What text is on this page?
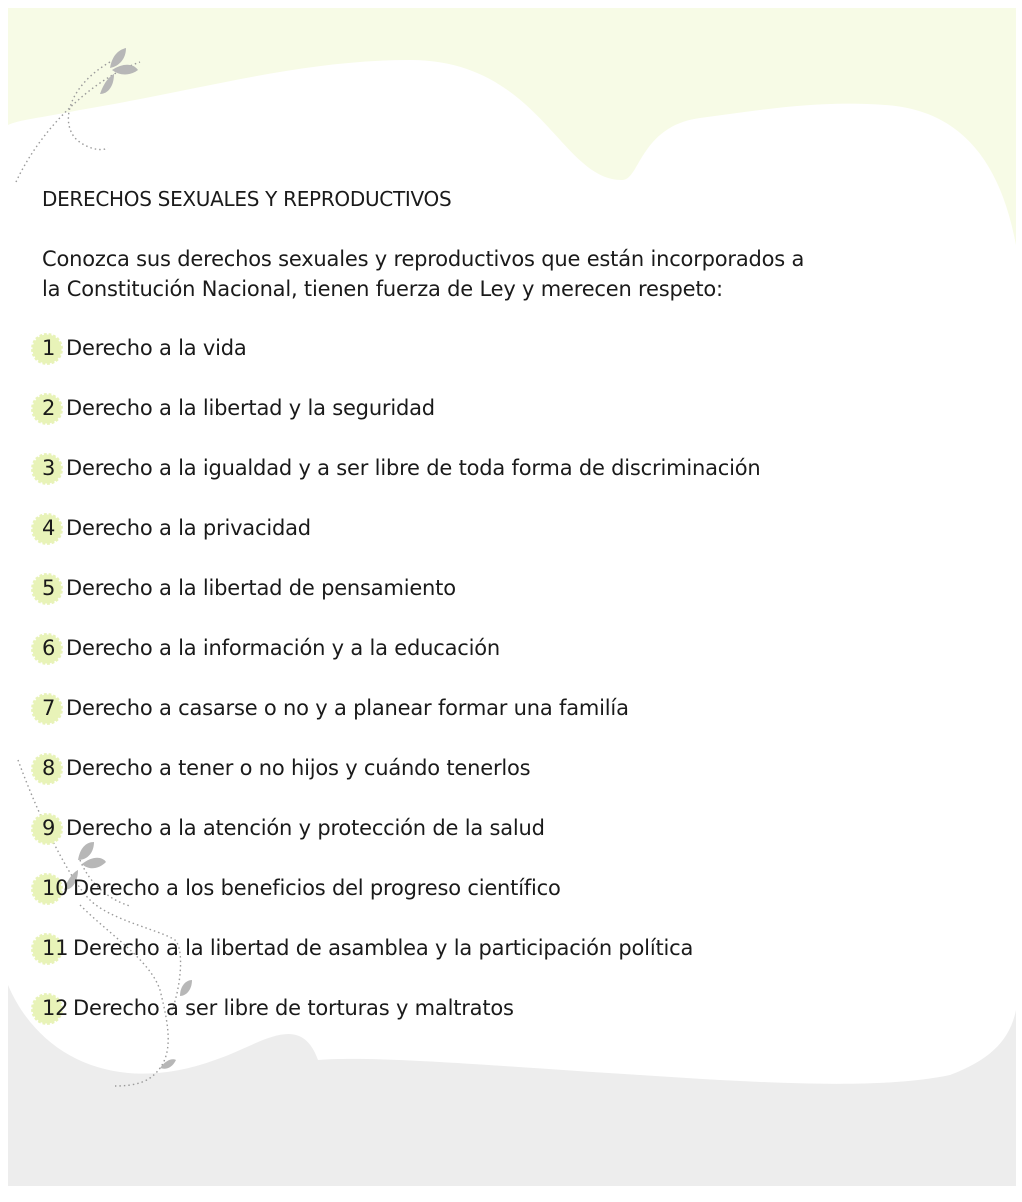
DERECHOS SEXUALES Y REPRODUCTIVOS
Conozca sus derechos sexuales y reproductivos que están incorporados a
la Constitución Nacional, tienen fuerza de Ley y merecen respeto:
1 Derecho a la vida
2 Derecho a la libertad y la seguridad
3 Derecho a la igualdad y a ser libre de toda forma de discriminación
4 Derecho a la privacidad
5 Derecho a la libertad de pensamiento
6 Derecho a la información y a la educación
7 Derecho a casarse o no y a planear formar una familía
8 Derecho a tener o no hijos y cuándo tenerlos
9 Derecho a la atención y protección de la salud
10 Derecho a los beneficios del progreso científico
11 Derecho a la libertad de asamblea y la participación política
12 Derecho a ser libre de torturas y maltratos
